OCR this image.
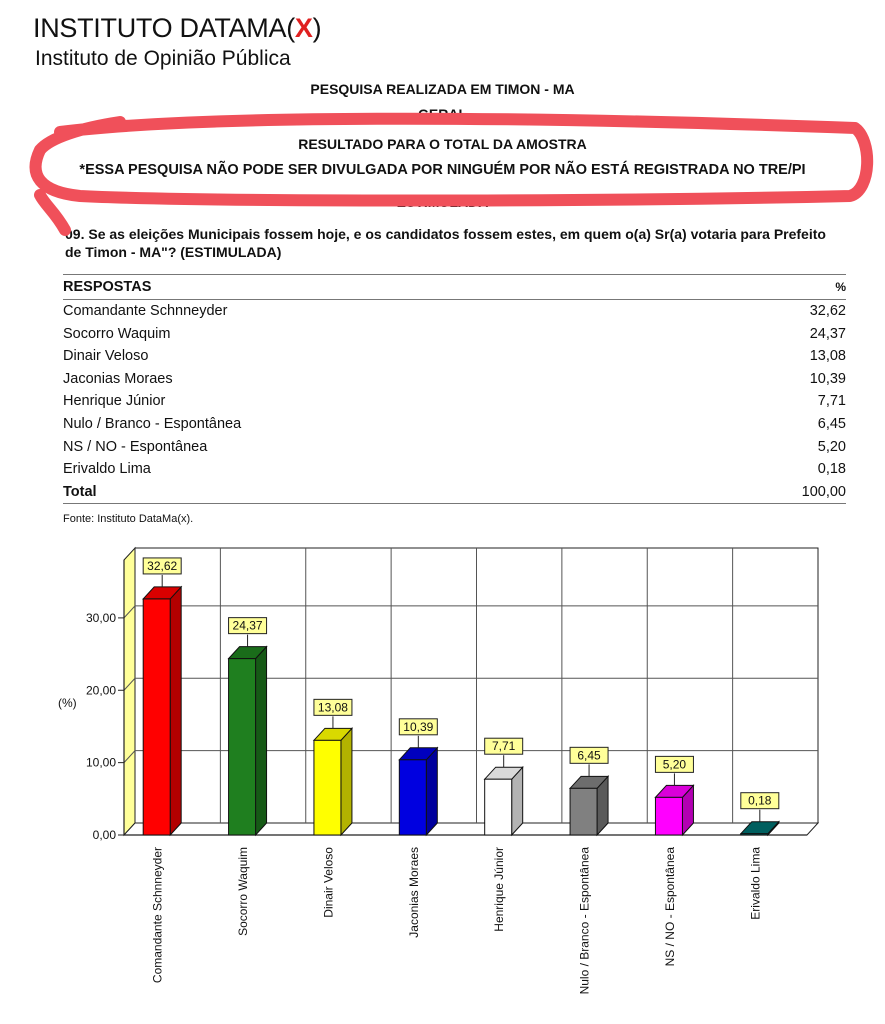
INSTITUTO DATAMA(X)
Instituto de Opinião Pública
PESQUISA REALIZADA EM TIMON - MA
GERAL
RESULTADO PARA O TOTAL DA AMOSTRA
*ESSA PESQUISA NÃO PODE SER DIVULGADA POR NINGUÉM POR NÃO ESTÁ REGISTRADA NO TRE/PI
ESTIMULADA
09. Se as eleições Municipais fossem hoje, e os candidatos fossem estes, em quem o(a) Sr(a) votaria para Prefeito de Timon - MA"? (ESTIMULADA)
RESPOSTAS	%
Comandante Schnneyder	32,62
Socorro Waquim	24,37
Dinair Veloso	13,08
Jaconias Moraes	10,39
Henrique Júnior	7,71
Nulo / Branco - Espontânea	6,45
NS / NO - Espontânea	5,20
Erivaldo Lima	0,18
Total	100,00
Fonte: Instituto DataMa(x).
0,00
10,00
20,00
30,00
(%)
32,62
Comandante Schnneyder
24,37
Socorro Waquim
13,08
Dinair Veloso
10,39
Jaconias Moraes
7,71
Henrique Júnior
6,45
Nulo / Branco - Espontânea
5,20
NS / NO - Espontânea
0,18
Erivaldo Lima
